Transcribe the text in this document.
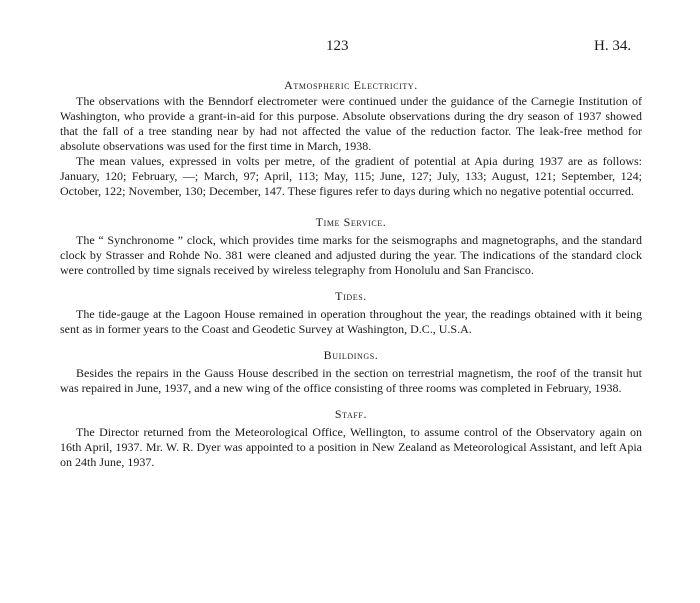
123	H. 34.
Atmospheric Electricity.

The observations with the Benndorf electrometer were continued under the guidance of the Carnegie Institution of Washington, who provide a grant-in-aid for this purpose. Absolute observations during the dry season of 1937 showed that the fall of a tree standing near by had not affected the value of the reduction factor. The leak-free method for absolute observations was used for the first time in March, 1938.

The mean values, expressed in volts per metre, of the gradient of potential at Apia during 1937 are as follows: January, 120; February, —; March, 97; April, 113; May, 115; June, 127; July, 133; August, 121; September, 124; October, 122; November, 130; December, 147. These figures refer to days during which no negative potential occurred.

Time Service.

The “ Synchronome ” clock, which provides time marks for the seismographs and magnetographs, and the standard clock by Strasser and Rohde No. 381 were cleaned and adjusted during the year. The indications of the standard clock were controlled by time signals received by wireless telegraphy from Honolulu and San Francisco.

Tides.

The tide-gauge at the Lagoon House remained in operation throughout the year, the readings obtained with it being sent as in former years to the Coast and Geodetic Survey at Washington, D.C., U.S.A.

Buildings.

Besides the repairs in the Gauss House described in the section on terrestrial magnetism, the roof of the transit hut was repaired in June, 1937, and a new wing of the office consisting of three rooms was completed in February, 1938.

Staff.

The Director returned from the Meteorological Office, Wellington, to assume control of the Observatory again on 16th April, 1937. Mr. W. R. Dyer was appointed to a position in New Zealand as Meteorological Assistant, and left Apia on 24th June, 1937.
